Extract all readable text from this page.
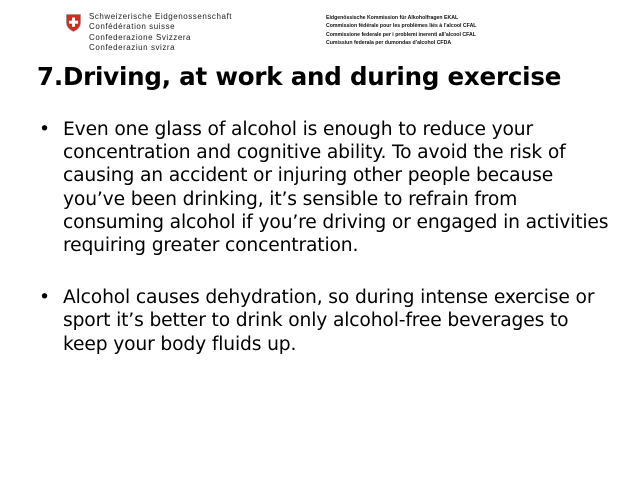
Schweizerische Eidgenossenschaft
Confédération suisse
Confederazione Svizzera
Confederaziun svizra
Eidgenössische Kommission für Alkoholfragen EKAL
Commission fédérale pour les problèmes liés à l’alcool CFAL
Commissione federale per i problemi inerenti all’alcool CFAL
Cumissiun federala per dumondas d’alcohol CFDA
7.Driving, at work and during exercise
• Even one glass of alcohol is enough to reduce your concentration and cognitive ability. To avoid the risk of causing an accident or injuring other people because you’ve been drinking, it’s sensible to refrain from consuming alcohol if you’re driving or engaged in activities requiring greater concentration.
• Alcohol causes dehydration, so during intense exercise or sport it’s better to drink only alcohol-free beverages to keep your body fluids up.
